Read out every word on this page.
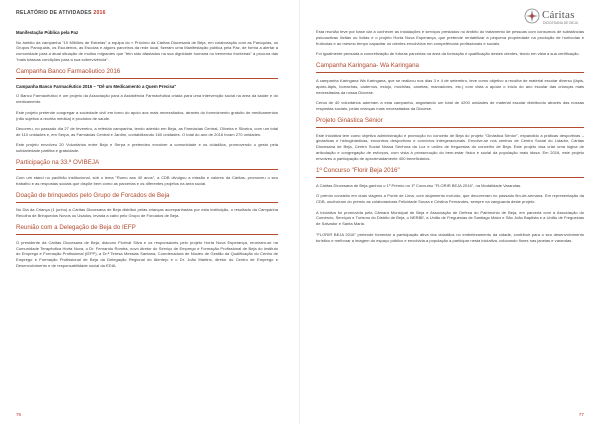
RELATÓRIO DE ATIVIDADES 2016
Manifestação Pública pela Paz

No âmbito da campanha "10 Milhões de Estrelas" a equipa do « Próximo da Cáritas Diocesana de Beja, em colaboração com as Paróquias, os Grupos Paroquiais, os Escuteiros, as Escolas e alguns parceiros da rede local, fizeram uma Manifestação pública pela Paz, de forma a alertar a comunidade para a atual situação de muitos migrantes que "têm sido afastados na sua dignidade humana no tremenso fronteiras" à procura das "mais básicas condições para a sua sobrevivência".

Campanha Banco Farmacêutico 2016
Campanha Banco Farmacêutico 2016 – "Dê um Medicamento a Quem Precisa"

O Banco Farmacêutico é um projeto da Associação para a Assistência Farmacêutica criada para uma intervenção social na área da saúde e do medicamento.

Este projeto pretende congregar a sociedade civil em torno do apoio aos mais necessitados, através do fornecimento gratuito de medicamentos (não sujeitos a receita médica) e produtos de saúde.

Decorreu, no passado dia 27 de fevereiro, a referida campanha, tendo aderido em Beja, as Farmácias Central, Oliveira e Silveira, com um total de 110 unidades e, em Serpa, as Farmácias Central e Jardim, contabilizando 160 unidades. O total do ano de 2016 foram 270 unidades.

Este projeto envolveu 20 Voluntários entre Beja e Serpa e pretendeu envolver a comunidade e os cidadãos, promovendo o gesto pela solidariedade partilha e gratuidade.

Participação na 33.ª OVIBEJA

Com um stand no pavilhão institucional, sob o lema "Rumo aos 40 anos", a CDB divulgou a missão e valores da Cáritas, promoveu o seu trabalho e as respostas sociais que dispõe bem como as parcerias e os diferentes projetos na área social.

Doação de brinquedos pelo Grupo de Forcados de Beja

No Dia da Criança (1 junho) a Cáritas Diocesana de Beja distribui pelas crianças acompanhadas por esta instituição, o resultado da Campanha Recolha de Brinquedos Novos ou Usados, levada a cabo pelo Grupo de Forcados de Beja.

Reunião com a Delegação de Beja do IEFP

O presidente da Cáritas Diocesana de Beja, diácono Florival Silva e os responsáveis pelo projeto Horta Nova Esperança, reuniram-se na Comunidade Terapêutica Horta Nova, o Dr. Fernando Romba, novo diretor do Serviço de Emprego e Formação Profissional de Beja do Instituto do Emprego e Formação Profissional (IEFP), a Dr.ª Teresa Messias Santana, Coordenadora de Núcleo de Gestão da Qualificação do Centro de Emprego e Formação Profissional de Beja da Delegação Regional do Alentejo e o Dr. João Martins, diretor do Centro de Emprego e Desenvolvimento e de responsabilidade social da EDIA.

76
Cáritas
DIOCESANA DE BEJA

Esta reunião teve por base dar a conhecer as instalações e serviços prestados no âmbito do tratamento de pessoas com consumos de substâncias psicoactivas ilícitas ou lícitas e o projeto Horta Nova Esperança, que pretende rentabilizar a pequena propriedade na produção de hortícolas e frutícolas e ao mesmo tempo capacitar os utentes envolvidos em competências profissionais e sociais.

Foi igualmente pensada a concretização de futuras parcerias na área da formação e qualificação destes utentes, tendo em vista a sua certificação.

Campanha Karingana- Wa Karingana

A campanha Karingana Wa Karingana, que se realizou nos dias 3 e 4 de setembro, teve como objetivo a recolha de material escolar diverso (lápis, aparo-lápis, borrachas, cadernos, estojo, mochilas, canetas, marcadores, etc.) com vista a apoiar o início do ano escolar das crianças mais necessitadas da nossa Diocese.

Cerca de 40 voluntários aderiram a esta campanha, angariando um total de 4200 unidades de material escolar distribuído através das nossas respostas sociais, pelas crianças mais necessitadas da Diocese.

Projeto Ginástica Sénior

Este iniciativa tem como objetivo administração e promoção no conceito de Beja do projeto "Ginástica Sénior", expandido a práticas desportivas – ginásticas e hidroginásticas, encontros desportivos e convívios intergeracionais. Envolve-se nos centros de Centro Social do Lidador, Cáritas Diocesana de Beja, Centro Social Nossa Senhora da Luz e unões de freguesias do concelho de Beja. Este projeto visa criar uma lógica de articulação e congregação de esforços, com vista à prossecução do bem-estar físico e social da população mais idosa. Em 2016, este projeto envolveu a participação de aproximadamente 400 beneficiários.

1º Concurso "Florir Beja 2016"

A Cáritas Diocesana de Beja ganhou o 1º Prémio no 1º Concurso "FLORIR BEJA 2016", na Modalidade Varandas.

O prémio consistiu em duas viagens a Ponte de Lima, com alojamento incluído, que decorreram no passado fim-de-semana. Em representação da CDB, usufruíram do prémio as colaboradoras Felicidade Souza e Cristina Fernandes, sempre na vanguarda deste projeto.

A iniciativa foi promovida pela Câmara Municipal de Beja e Associação de Defesa do Património de Beja, em parceria com a Associação do Comércio, Serviços e Turismo do Distrito de Beja, o NERBE, a União de Freguesias de Santiago Maior e São João Baptista e a União de Freguesias de Salvador e Santa Maria.

"FLORIR BEJA 2016" pretende fomentar a participação ativa dos cidadãos no embelezamento da cidade, contribuir para o seu desenvolvimento turístico e melhorar a imagem do espaço público e envolvida a população a participar nesta iniciativa, colocando flores nas janelas e varandas.

77
